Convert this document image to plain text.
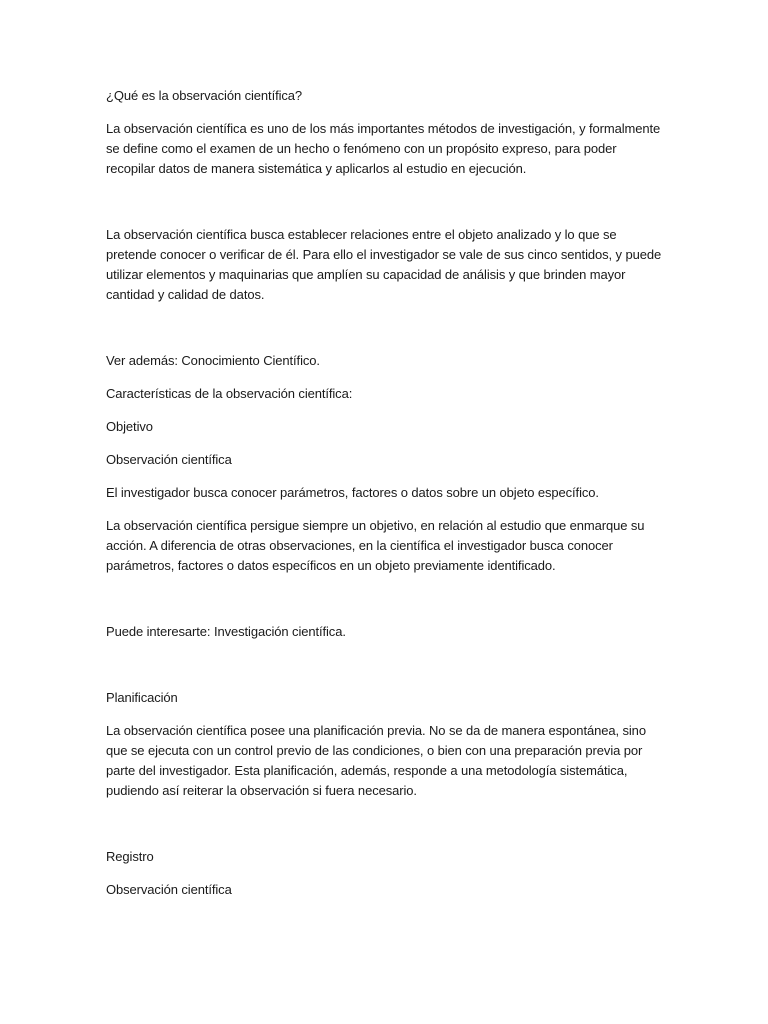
¿Qué es la observación científica?

La observación científica es uno de los más importantes métodos de investigación, y formalmente se define como el examen de un hecho o fenómeno con un propósito expreso, para poder recopilar datos de manera sistemática y aplicarlos al estudio en ejecución.

La observación científica busca establecer relaciones entre el objeto analizado y lo que se pretende conocer o verificar de él. Para ello el investigador se vale de sus cinco sentidos, y puede utilizar elementos y maquinarias que amplíen su capacidad de análisis y que brinden mayor cantidad y calidad de datos.

Ver además: Conocimiento Científico.

Características de la observación científica:

Objetivo

Observación científica

El investigador busca conocer parámetros, factores o datos sobre un objeto específico.

La observación científica persigue siempre un objetivo, en relación al estudio que enmarque su acción. A diferencia de otras observaciones, en la científica el investigador busca conocer parámetros, factores o datos específicos en un objeto previamente identificado.

Puede interesarte: Investigación científica.

Planificación

La observación científica posee una planificación previa. No se da de manera espontánea, sino que se ejecuta con un control previo de las condiciones, o bien con una preparación previa por parte del investigador. Esta planificación, además, responde a una metodología sistemática, pudiendo así reiterar la observación si fuera necesario.

Registro

Observación científica
